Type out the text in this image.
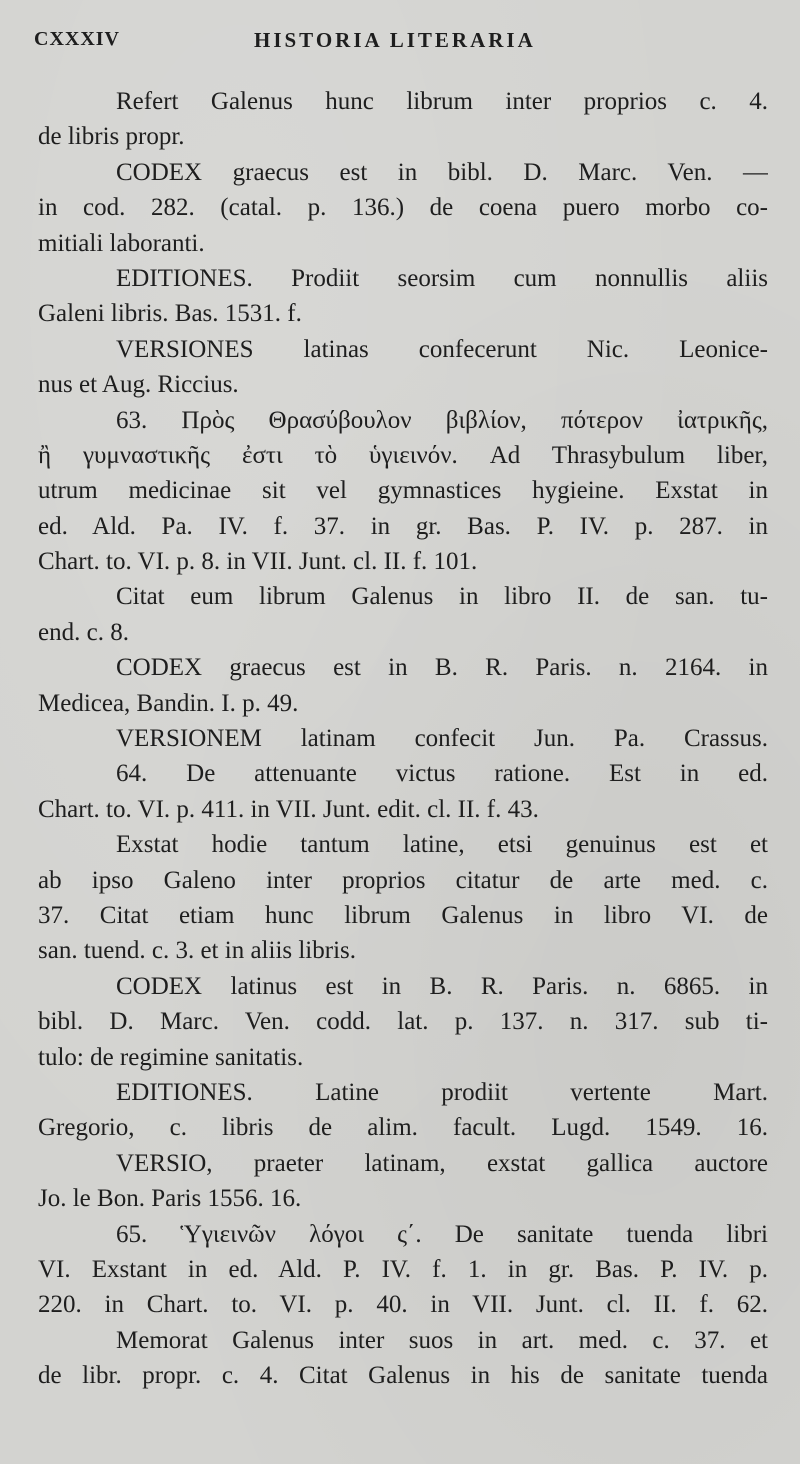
CXXXIV	HISTORIA LITERARIA
Refert Galenus hunc librum inter proprios c. 4.
de libris propr.
CODEX graecus est in bibl. D. Marc. Ven. —
in cod. 282. (catal. p. 136.) de coena puero morbo co-
mitiali laboranti.
EDITIONES. Prodiit seorsim cum nonnullis aliis
Galeni libris. Bas. 1531. f.
VERSIONES latinas confecerunt Nic. Leonice-
nus et Aug. Riccius.
63. Πρὸς Θρασύβουλον βιβλίον, πότερον ἰατρικῆς,
ἢ γυμναστικῆς ἐστι τὸ ὑγιεινόν. Ad Thrasybulum liber,
utrum medicinae sit vel gymnastices hygieine. Exstat in
ed. Ald. Pa. IV. f. 37. in gr. Bas. P. IV. p. 287. in
Chart. to. VI. p. 8. in VII. Junt. cl. II. f. 101.
Citat eum librum Galenus in libro II. de san. tu-
end. c. 8.
CODEX graecus est in B. R. Paris. n. 2164. in
Medicea, Bandin. I. p. 49.
VERSIONEM latinam confecit Jun. Pa. Crassus.
64. De attenuante victus ratione. Est in ed.
Chart. to. VI. p. 411. in VII. Junt. edit. cl. II. f. 43.
Exstat hodie tantum latine, etsi genuinus est et
ab ipso Galeno inter proprios citatur de arte med. c.
37. Citat etiam hunc librum Galenus in libro VI. de
san. tuend. c. 3. et in aliis libris.
CODEX latinus est in B. R. Paris. n. 6865. in
bibl. D. Marc. Ven. codd. lat. p. 137. n. 317. sub ti-
tulo: de regimine sanitatis.
EDITIONES. Latine prodiit vertente Mart.
Gregorio, c. libris de alim. facult. Lugd. 1549. 16.
VERSIO, praeter latinam, exstat gallica auctore
Jo. le Bon. Paris 1556. 16.
65. Ὑγιεινῶν λόγοι ς΄. De sanitate tuenda libri
VI. Exstant in ed. Ald. P. IV. f. 1. in gr. Bas. P. IV. p.
220. in Chart. to. VI. p. 40. in VII. Junt. cl. II. f. 62.
Memorat Galenus inter suos in art. med. c. 37. et
de libr. propr. c. 4. Citat Galenus in his de sanitate tuenda
